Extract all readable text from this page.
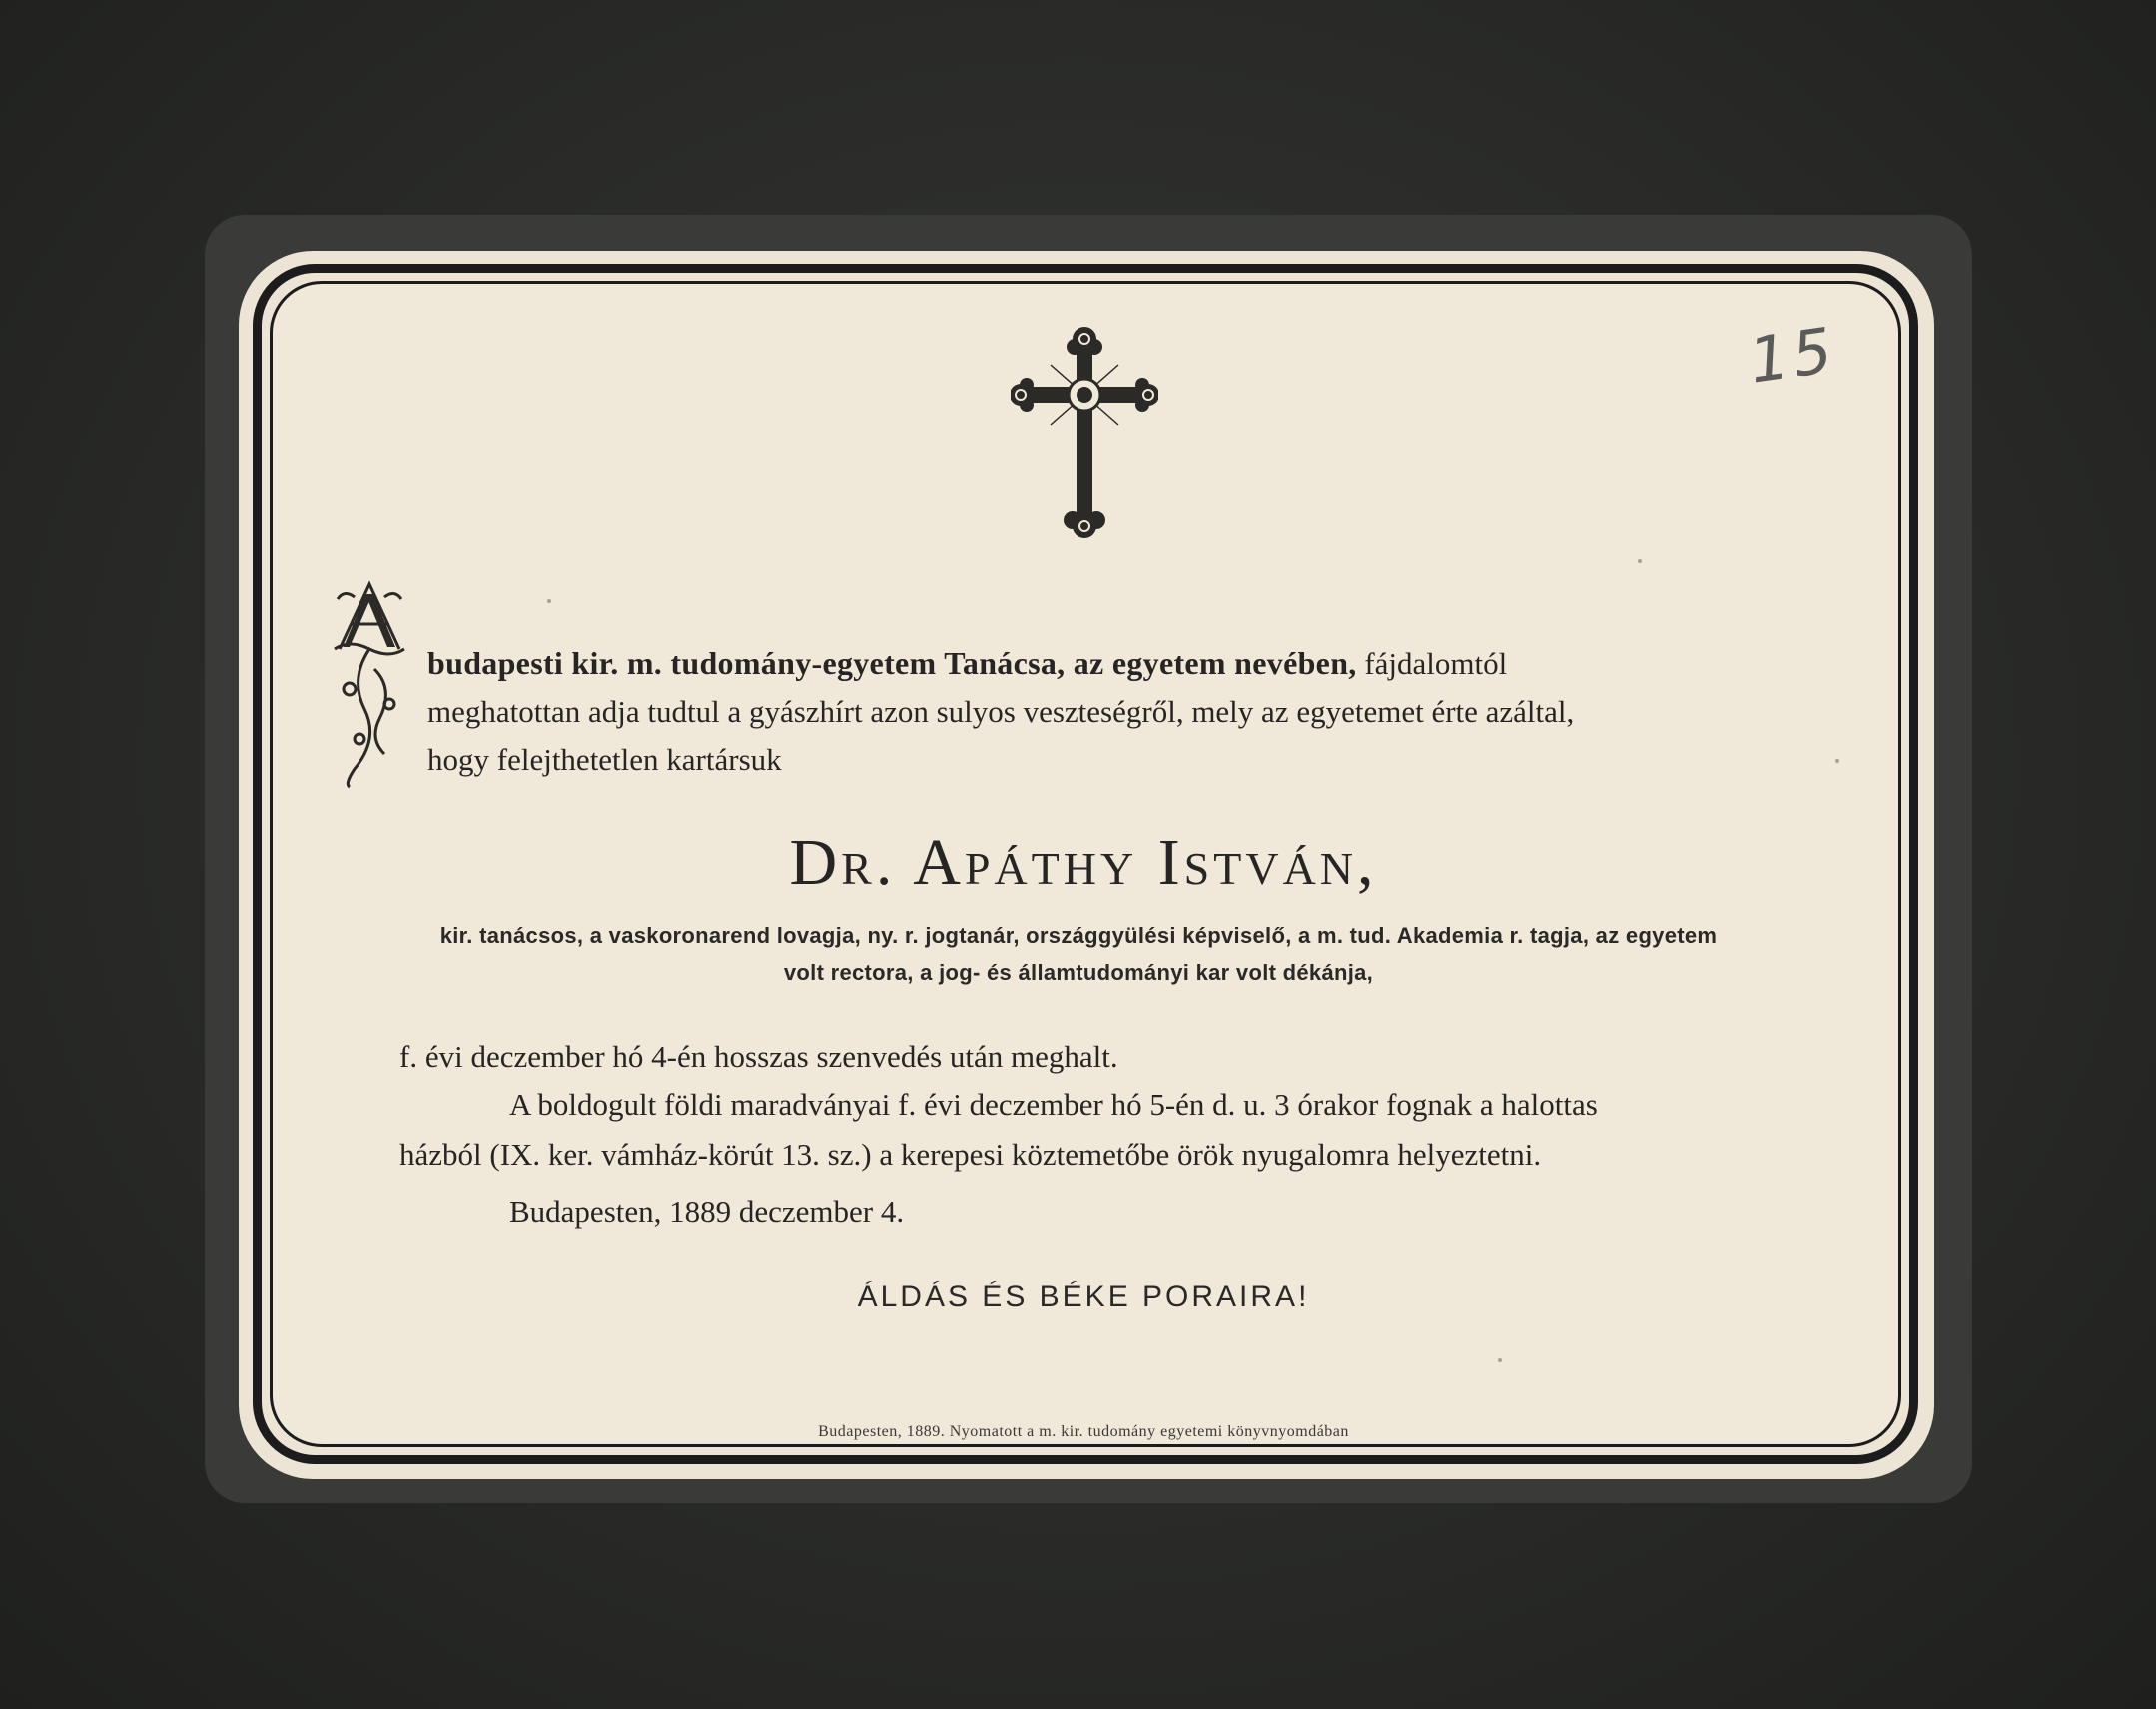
15
budapesti kir. m. tudomány-egyetem Tanácsa, az egyetem nevében, fájdalomtól
meghatottan adja tudtul a gyászhírt azon sulyos veszteségről, mely az egyetemet érte azáltal,
hogy felejthetetlen kartársuk
Dr. Apáthy István,
kir. tanácsos, a vaskoronarend lovagja, ny. r. jogtanár, országgyülési képviselő, a m. tud. Akademia r. tagja, az egyetem
volt rectora, a jog- és államtudományi kar volt dékánja,
f. évi deczember hó 4-én hosszas szenvedés után meghalt.
A boldogult földi maradványai f. évi deczember hó 5-én d. u. 3 órakor fognak a halottas
házból (IX. ker. vámház-körút 13. sz.) a kerepesi köztemetőbe örök nyugalomra helyeztetni.
Budapesten, 1889 deczember 4.
ÁLDÁS ÉS BÉKE PORAIRA!
Budapesten, 1889. Nyomatott a m. kir. tudomány egyetemi könyvnyomdában
